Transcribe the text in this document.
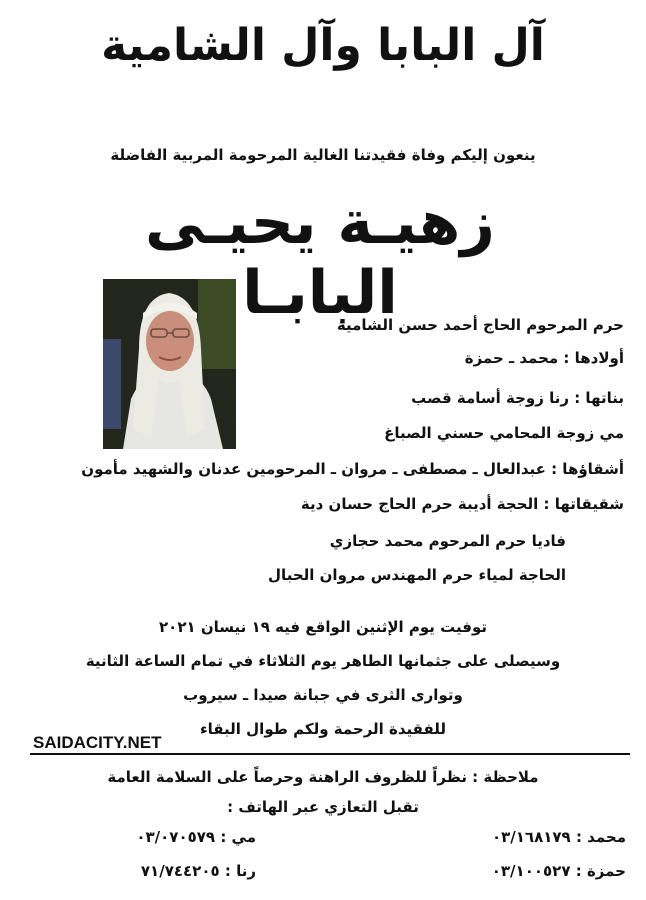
آل البابا وآل الشامية
ينعون إليكم وفاة فقيدتنا الغالية المرحومة المربية الفاضلة
زهيـة يحيـى البابـا
حرم المرحوم الحاج أحمد حسن الشامية
أولادها : محمد ـ حمزة
بناتها : رنا زوجة أسامة قصب
مي زوجة المحامي حسني الصباغ
أشقاؤها : عبدالعال ـ مصطفى ـ مروان ـ المرحومين عدنان والشهيد مأمون
شقيقاتها : الحجة أديبة حرم الحاج حسان دية
فاديا حرم المرحوم محمد حجازي
الحاجة لمياء حرم المهندس مروان الحبال
توفيت يوم الإثنين الواقع فيه ١٩ نيسان ٢٠٢١
وسيصلى على جثمانها الطاهر يوم الثلاثاء في تمام الساعة الثانية
وتوارى الثرى في جبانة صيدا ـ سيروب
للفقيدة الرحمة ولكم طوال البقاء
SAIDACITY.NET
ملاحظة : نظراً للظروف الراهنة وحرصاً على السلامة العامة
تقبل التعازي عبر الهاتف :
محمد : ٠٣/١٦٨١٧٩
مي : ٠٣/٠٧٠٥٧٩
حمزة : ٠٣/١٠٠٥٢٧
رنا : ٧١/٧٤٤٢٠٥
